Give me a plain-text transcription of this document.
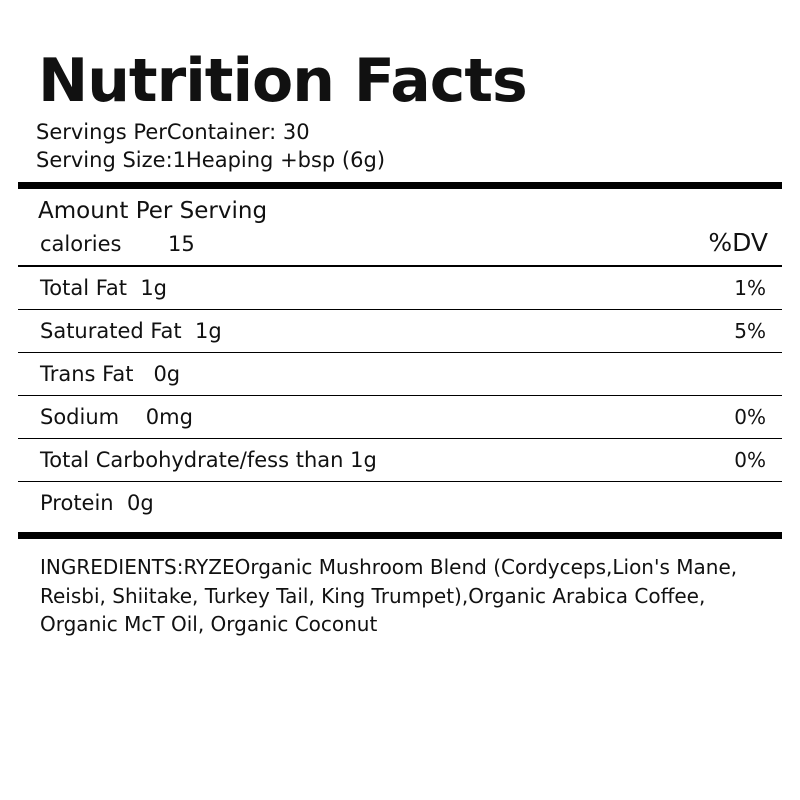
Nutrition Facts
Servings PerContainer: 30
Serving Size:1Heaping +bsp (6g)
Amount Per Serving
calories	15	%DV
Total Fat  1g	1%
Saturated Fat  1g	5%
Trans Fat   0g
Sodium    0mg	0%
Total Carbohydrate/fess than 1g	0%
Protein  0g
INGREDIENTS:RYZEOrganic Mushroom Blend (Cordyceps,Lion's Mane, Reisbi, Shiitake, Turkey Tail, King Trumpet),Organic Arabica Coffee, Organic McT Oil, Organic Coconut
